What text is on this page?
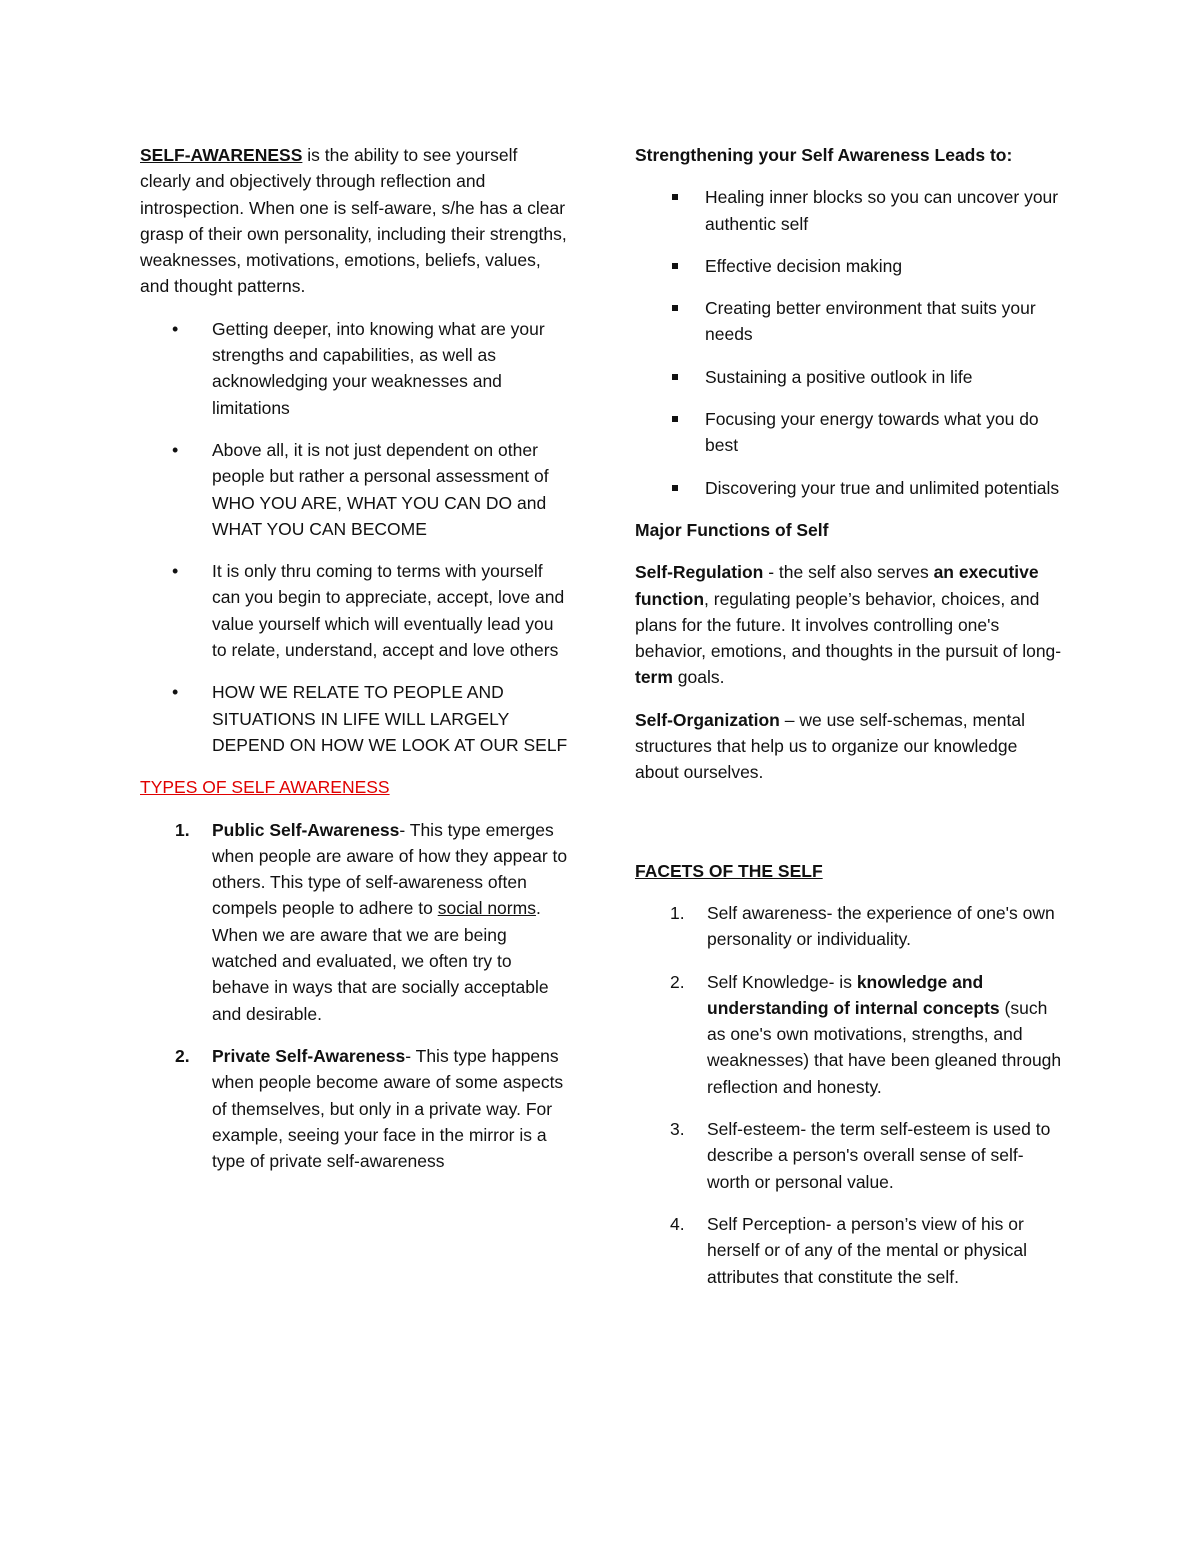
SELF-AWARENESS is the ability to see yourself clearly and objectively through reflection and introspection. When one is self-aware, s/he has a clear grasp of their own personality, including their strengths, weaknesses, motivations, emotions, beliefs, values, and thought patterns.

• Getting deeper, into knowing what are your strengths and capabilities, as well as acknowledging your weaknesses and limitations
• Above all, it is not just dependent on other people but rather a personal assessment of WHO YOU ARE, WHAT YOU CAN DO and WHAT YOU CAN BECOME
• It is only thru coming to terms with yourself can you begin to appreciate, accept, love and value yourself which will eventually lead you to relate, understand, accept and love others
• HOW WE RELATE TO PEOPLE AND SITUATIONS IN LIFE WILL LARGELY DEPEND ON HOW WE LOOK AT OUR SELF

TYPES OF SELF AWARENESS

1. Public Self-Awareness- This type emerges when people are aware of how they appear to others. This type of self-awareness often compels people to adhere to social norms. When we are aware that we are being watched and evaluated, we often try to behave in ways that are socially acceptable and desirable.
2. Private Self-Awareness- This type happens when people become aware of some aspects of themselves, but only in a private way. For example, seeing your face in the mirror is a type of private self-awareness

Strengthening your Self Awareness Leads to:

Healing inner blocks so you can uncover your authentic self
Effective decision making
Creating better environment that suits your needs
Sustaining a positive outlook in life
Focusing your energy towards what you do best
Discovering your true and unlimited potentials

Major Functions of Self

Self-Regulation - the self also serves an executive function, regulating people’s behavior, choices, and plans for the future. It involves controlling one's behavior, emotions, and thoughts in the pursuit of long-term goals.

Self-Organization – we use self-schemas, mental structures that help us to organize our knowledge about ourselves.

FACETS OF THE SELF

1. Self awareness- the experience of one's own personality or individuality.
2. Self Knowledge- is knowledge and understanding of internal concepts (such as one's own motivations, strengths, and weaknesses) that have been gleaned through reflection and honesty.
3. Self-esteem- the term self-esteem is used to describe a person's overall sense of self-worth or personal value.
4. Self Perception- a person’s view of his or herself or of any of the mental or physical attributes that constitute the self.
